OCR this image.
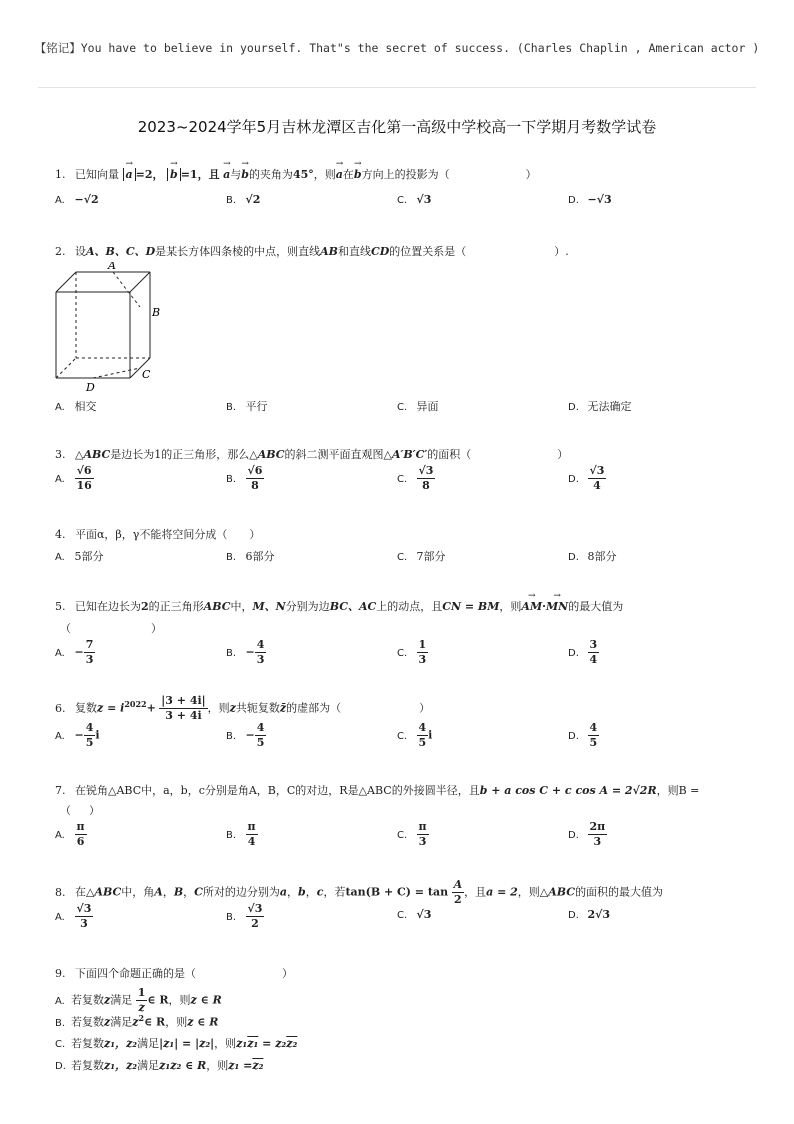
【铭记】You have to believe in yourself. That"s the secret of success. (Charles Chaplin , American actor )
2023~2024学年5月吉林龙潭区吉化第一高级中学校高一下学期月考数学试卷
1. 已知向量 → a =2， → b =1，且 → a与→ b的夹角为45°，则→ a在→ b方向上的投影为（	）
A. −√2	B. √2	C. √3	D. −√3
2. 设A、B、C、D是某长方体四条棱的中点，则直线AB和直线CD的位置关系是（	）.
A
B
C
D
A. 相交	B. 平行	C. 异面	D. 无法确定
3. △ABC是边长为1的正三角形，那么△ABC的斜二测平面直观图△A′B′C′的面积（	）
A. $\frac{√6}{16}$	B. $\frac{√6}{8}$	C. $\frac{√3}{8}$	D. $\frac{√3}{4}$
4. 平面α，β，γ不能将空间分成（ ）
A. 5部分	B. 6部分	C. 7部分	D. 8部分
5. 已知在边长为2的正三角形ABC中，M、N分别为边BC、AC上的动点，且CN = BM，则→ AM·→ MN的最大值为
（	）
A. − $\frac{7}{3}$	B. − $\frac{4}{3}$	C. $\frac{1}{3}$	D. $\frac{3}{4}$
6. 复数$z = i^{2022}+ \frac{|3 + 4i|}{3 + 4i}$ ，则z共轭复数z̄的虚部为（	）
A. − $\frac{4}{5}$ i	B. − $\frac{4}{5}$	C. $\frac{4}{5}$ i	D. $\frac{4}{5}$
7. 在锐角△ABC中，a，b，c分别是角A，B，C的对边，R是△ABC的外接圆半径，且b + a cos C + c cos A = 2√2R，则B =
（ ）
A. $\frac{\pi}{6}$	B. $\frac{\pi}{4}$	C. $\frac{\pi}{3}$	D. $\frac{2\pi}{3}$
8. 在△ABC中，角A，B，C所对的边分别为a，b，c，若$\tan(B + C) = \tan \frac{A}{2}$ ，且a = 2，则△ABC的面积的最大值为
A. $\frac{√3}{3}$	B. $\frac{√3}{2}$	C. √3	D. 2√3
9. 下面四个命题正确的是（	）
A. 若复数z满足 $\frac{1}{z}$ ∈ R，则z ∈ R
B. 若复数z满足$z^2\in$ R，则z ∈ R
C. 若复数z₁，z₂满足|z₁| = |z₂|，则z₁z₁ = z₂z₂
D. 若复数z₁，z₂满足z₁z₂ ∈ R，则z₁ =z₂
